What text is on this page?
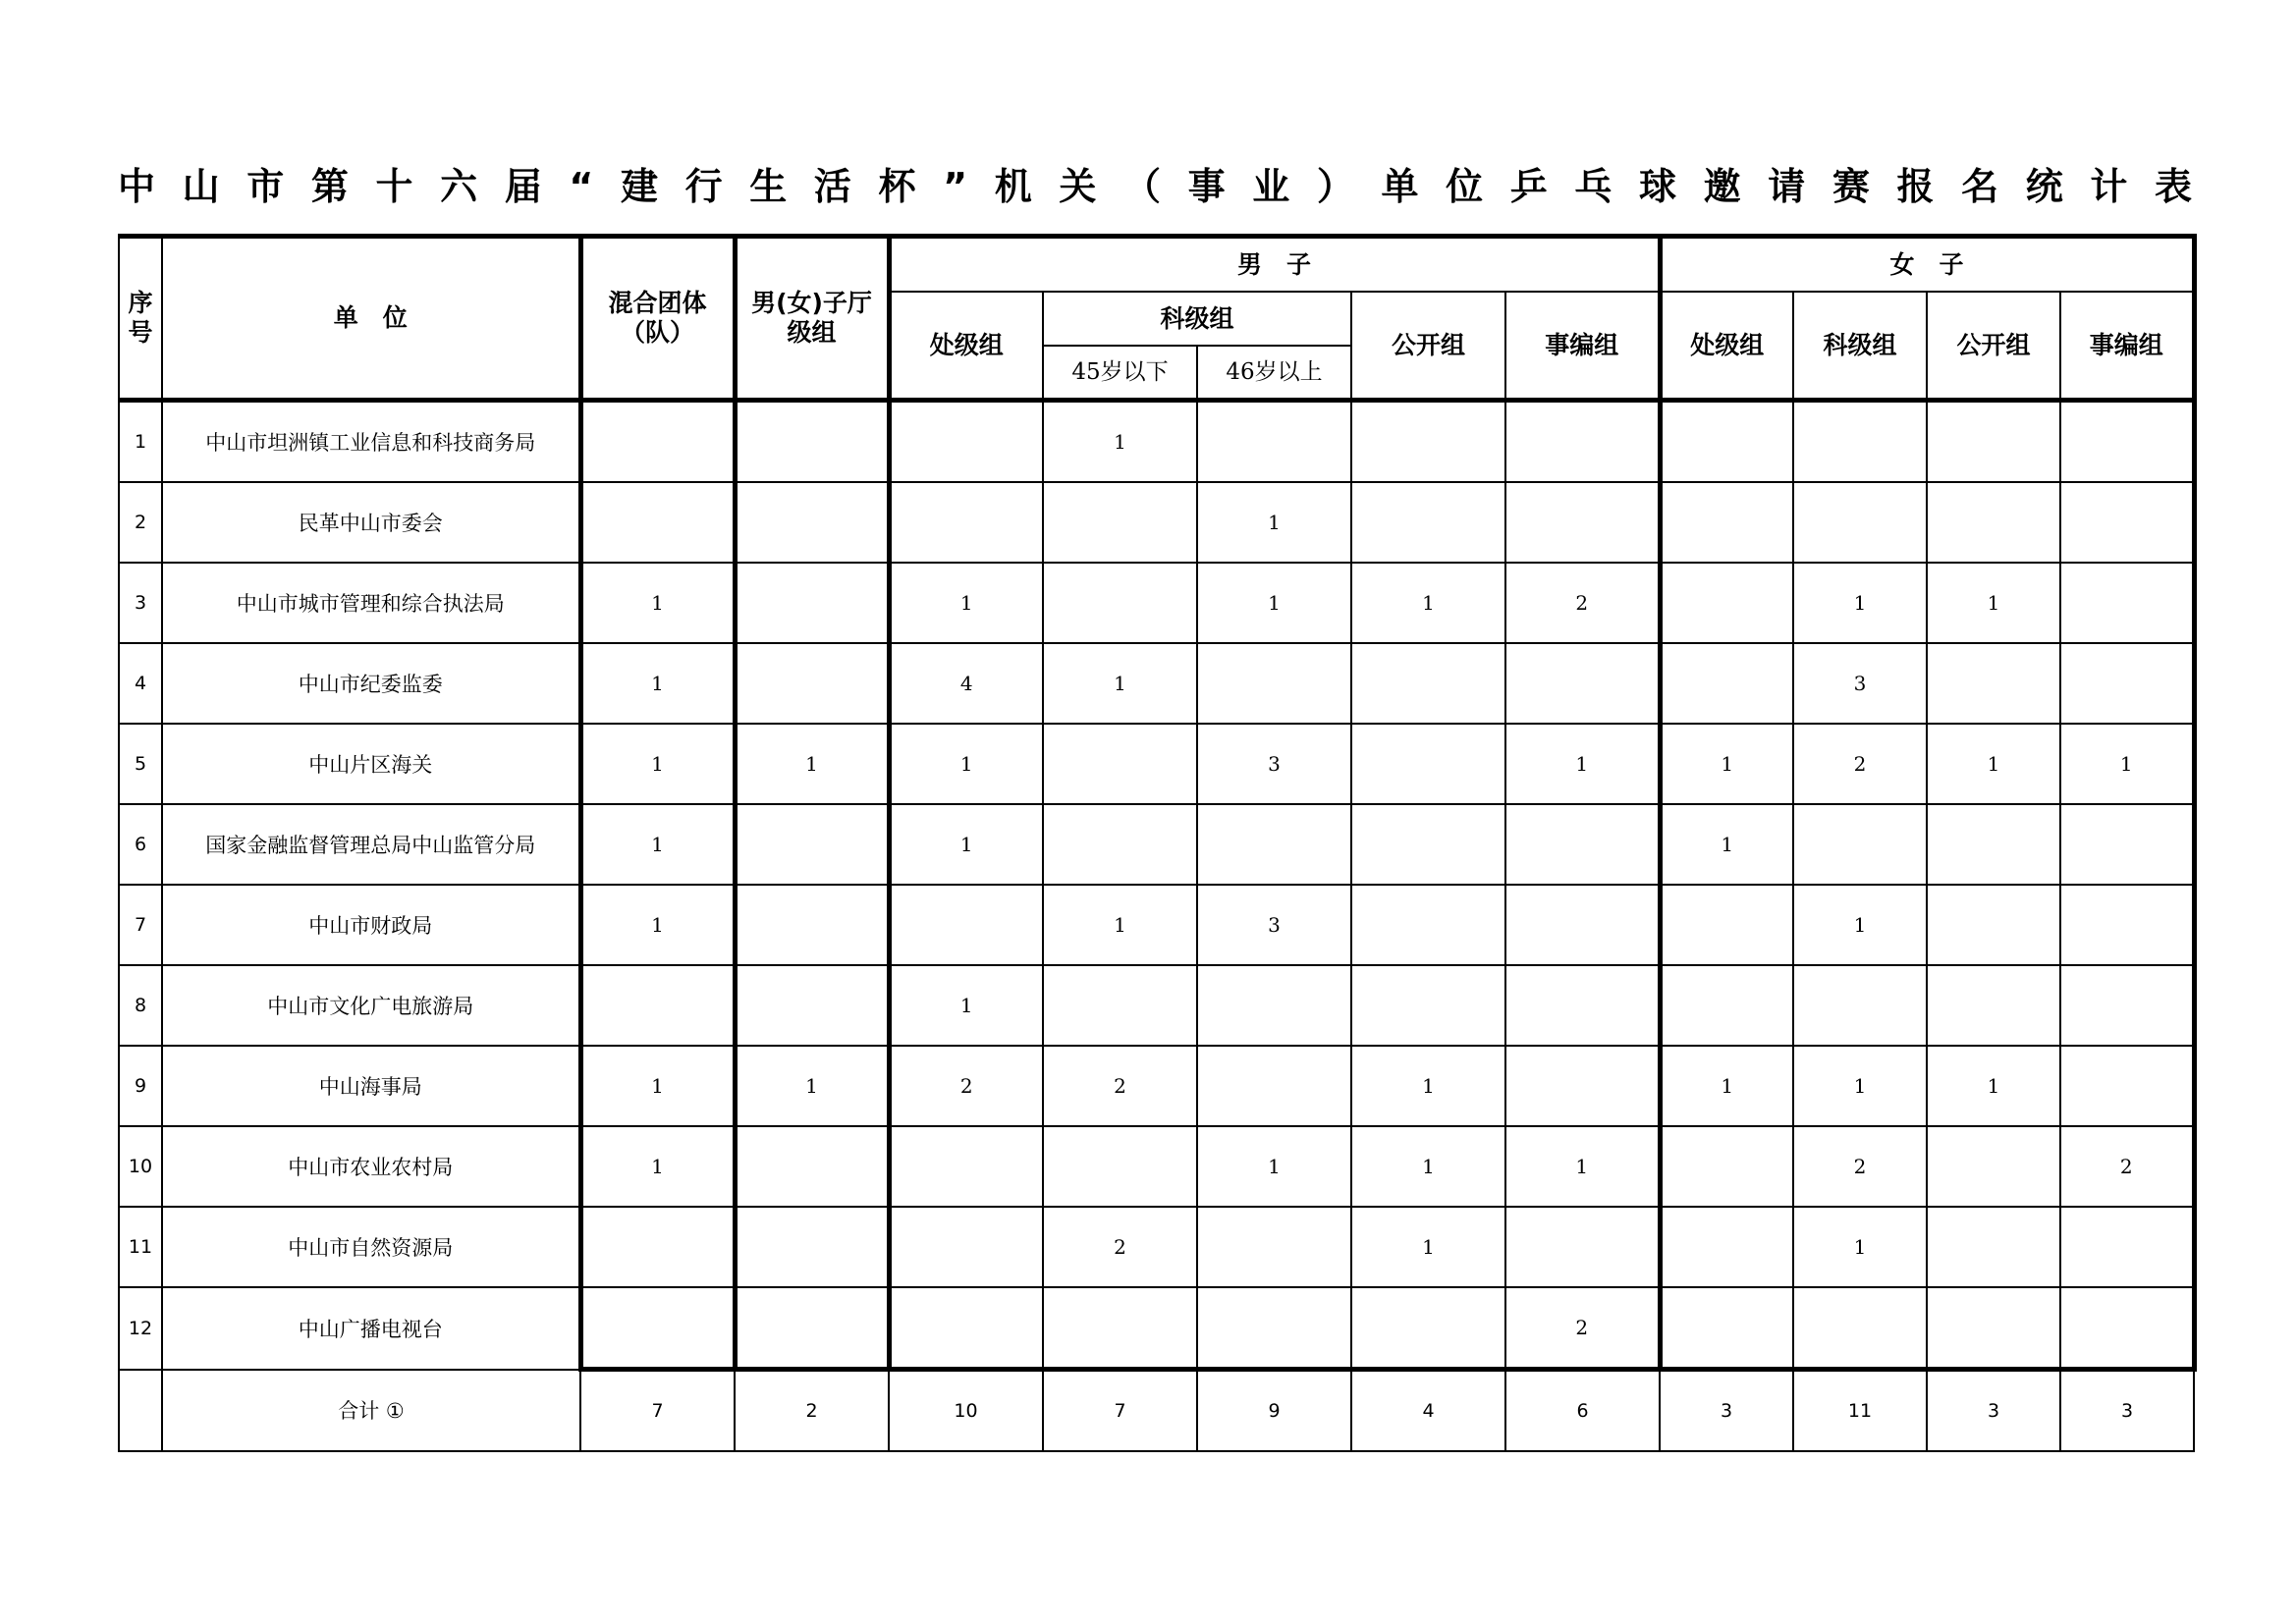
中山市第十六届“建行生活杯”机关（事业）单位乒乓球邀请赛报名统计表
序号	单　位	混合团体（队）	男(女)子厅级组	男　子					女　子			
				处级组	科级组		公开组	事编组	处级组	科级组	公开组	事编组
					45岁以下	46岁以上						
1	中山市坦洲镇工业信息和科技商务局				1							
2	民革中山市委会					1						
3	中山市城市管理和综合执法局	1		1		1	1	2		1	1	
4	中山市纪委监委	1		4	1					3		
5	中山片区海关	1	1	1		3		1	1	2	1	1
6	国家金融监督管理总局中山监管分局	1		1					1			
7	中山市财政局	1			1	3				1		
8	中山市文化广电旅游局			1								
9	中山海事局	1	1	2	2		1		1	1	1	
10	中山市农业农村局	1				1	1	1		2		2
11	中山市自然资源局				2		1			1		
12	中山广播电视台							2				
	合计 ①	7	2	10	7	9	4	6	3	11	3	3
